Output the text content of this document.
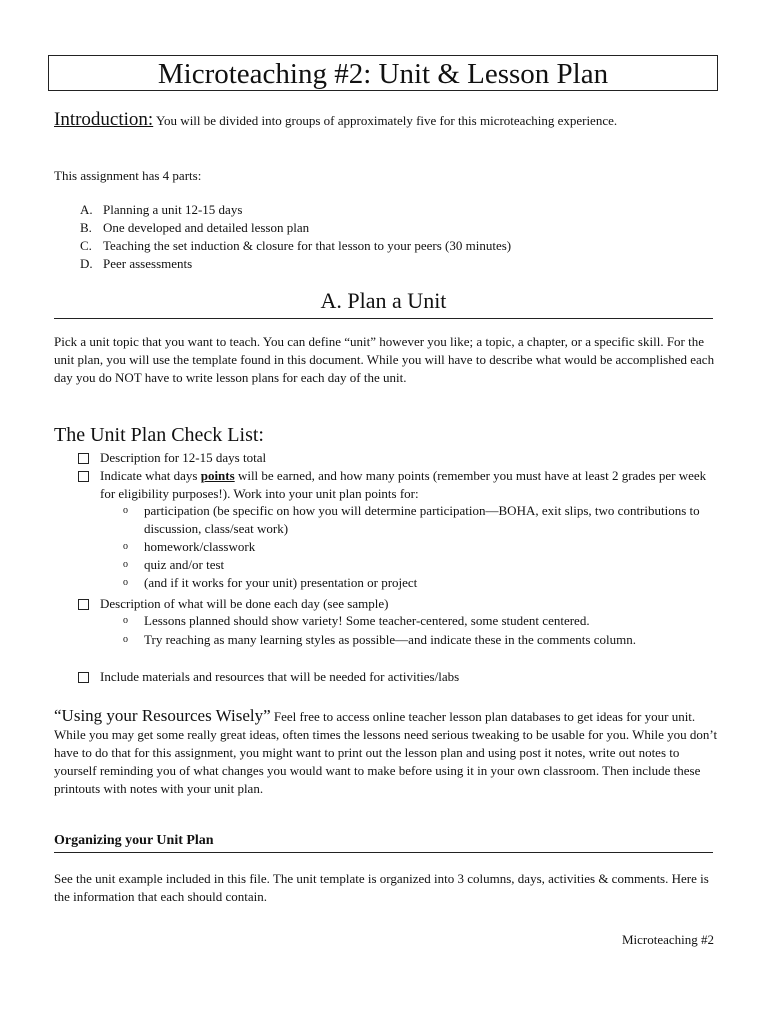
Microteaching #2: Unit & Lesson Plan
Introduction: You will be divided into groups of approximately five for this microteaching experience.
This assignment has 4 parts:
A. Planning a unit 12-15 days
B. One developed and detailed lesson plan
C. Teaching the set induction & closure for that lesson to your peers (30 minutes)
D. Peer assessments
A. Plan a Unit
Pick a unit topic that you want to teach. You can define “unit” however you like; a topic, a chapter, or a specific skill. For the unit plan, you will use the template found in this document. While you will have to describe what would be accomplished each day you do NOT have to write lesson plans for each day of the unit.
The Unit Plan Check List:
Description for 12-15 days total
Indicate what days points will be earned, and how many points (remember you must have at least 2 grades per week for eligibility purposes!). Work into your unit plan points for:
o	participation (be specific on how you will determine participation—BOHA, exit slips, two contributions to discussion, class/seat work)
o	homework/classwork
o	quiz and/or test
o	(and if it works for your unit) presentation or project
Description of what will be done each day (see sample)
o	Lessons planned should show variety! Some teacher-centered, some student centered.
o	Try reaching as many learning styles as possible—and indicate these in the comments column.
Include materials and resources that will be needed for activities/labs
“Using your Resources Wisely” Feel free to access online teacher lesson plan databases to get ideas for your unit. While you may get some really great ideas, often times the lessons need serious tweaking to be usable for you. While you don’t have to do that for this assignment, you might want to print out the lesson plan and using post it notes, write out notes to yourself reminding you of what changes you would want to make before using it in your own classroom. Then include these printouts with notes with your unit plan.
Organizing your Unit Plan
See the unit example included in this file. The unit template is organized into 3 columns, days, activities & comments. Here is the information that each should contain.
Microteaching #2
